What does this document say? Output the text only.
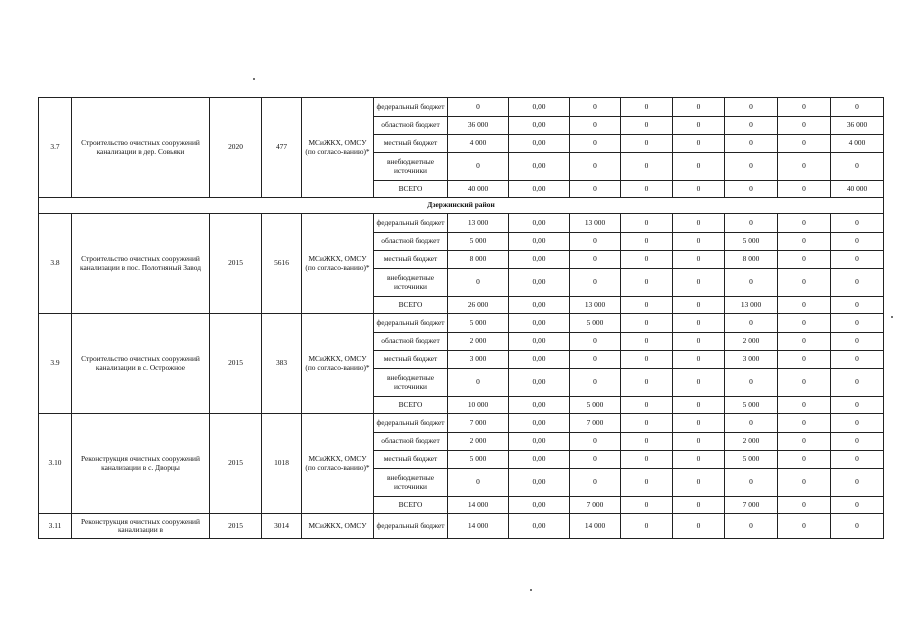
3.7	Строительство очистных сооружений канализации в дер. Совьяки	2020	477	МСиЖКХ, ОМСУ (по согласо-ванию)*	федеральный бюджет	0	0,00	0	0	0	0	0	0
					областной бюджет	36 000	0,00	0	0	0	0	0	36 000
					местный бюджет	4 000	0,00	0	0	0	0	0	4 000
					внебюджетные источники	0	0,00	0	0	0	0	0	0
					ВСЕГО	40 000	0,00	0	0	0	0	0	40 000
Дзержинский район													
3.8	Строительство очистных сооружений канализации в пос. Полотняный Завод	2015	5616	МСиЖКХ, ОМСУ (по согласо-ванию)*	федеральный бюджет	13 000	0,00	13 000	0	0	0	0	0
					областной бюджет	5 000	0,00	0	0	0	5 000	0	0
					местный бюджет	8 000	0,00	0	0	0	8 000	0	0
					внебюджетные источники	0	0,00	0	0	0	0	0	0
					ВСЕГО	26 000	0,00	13 000	0	0	13 000	0	0
3.9	Строительство очистных сооружений канализации в с. Острожное	2015	383	МСиЖКХ, ОМСУ (по согласо-ванию)*	федеральный бюджет	5 000	0,00	5 000	0	0	0	0	0
					областной бюджет	2 000	0,00	0	0	0	2 000	0	0
					местный бюджет	3 000	0,00	0	0	0	3 000	0	0
					внебюджетные источники	0	0,00	0	0	0	0	0	0
					ВСЕГО	10 000	0,00	5 000	0	0	5 000	0	0
3.10	Реконструкция очистных сооружений канализации в с. Дворцы	2015	1018	МСиЖКХ, ОМСУ (по согласо-ванию)*	федеральный бюджет	7 000	0,00	7 000	0	0	0	0	0
					областной бюджет	2 000	0,00	0	0	0	2 000	0	0
					местный бюджет	5 000	0,00	0	0	0	5 000	0	0
					внебюджетные источники	0	0,00	0	0	0	0	0	0
					ВСЕГО	14 000	0,00	7 000	0	0	7 000	0	0
3.11	Реконструкция очистных сооружений канализации в	2015	3014	МСиЖКХ, ОМСУ	федеральный бюджет	14 000	0,00	14 000	0	0	0	0	0
